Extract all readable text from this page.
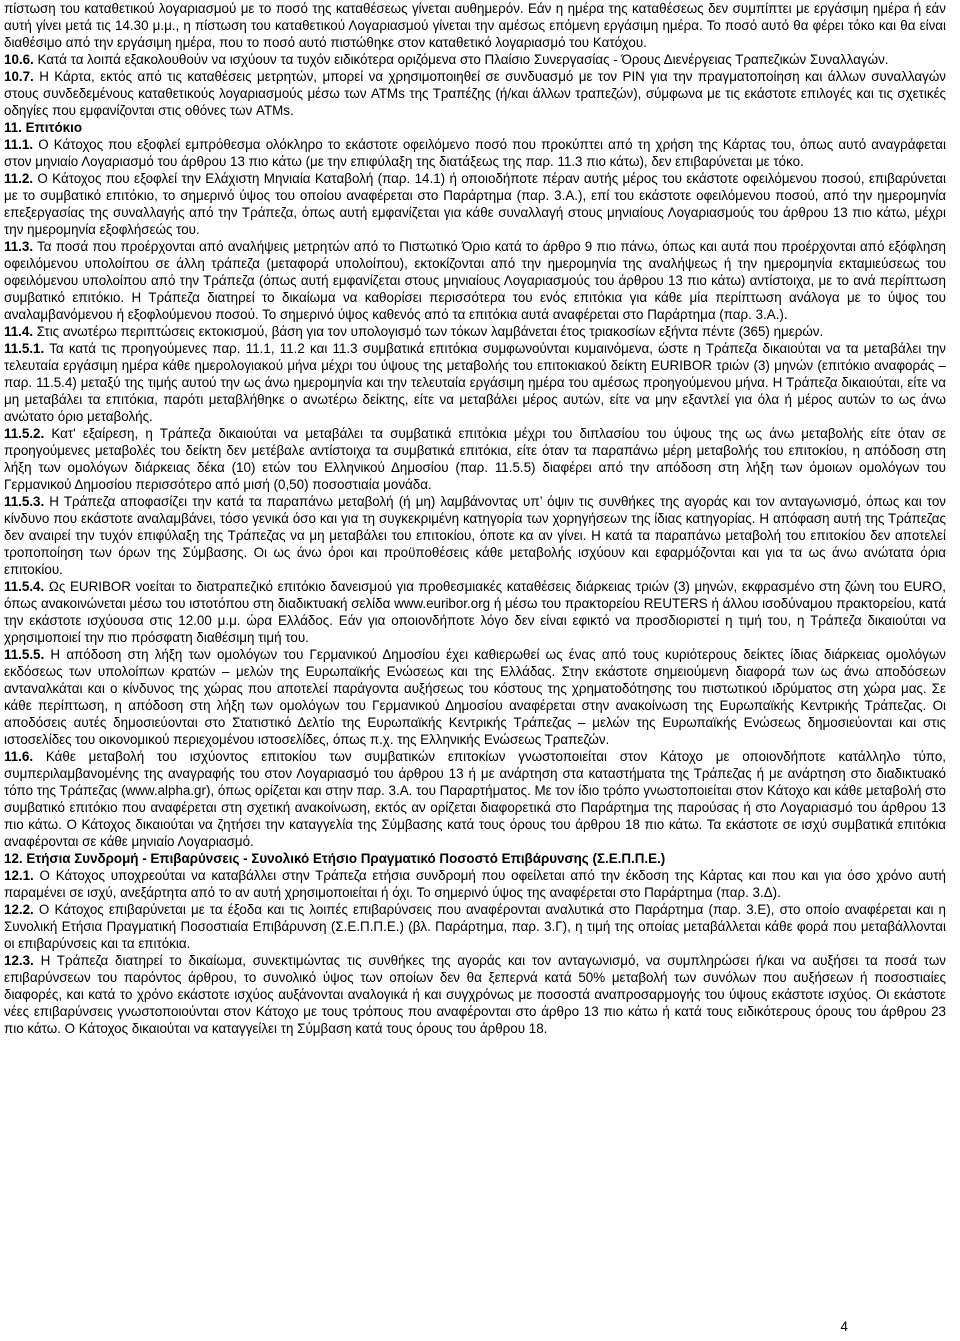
πίστωση του καταθετικού λογαριασμού με το ποσό της καταθέσεως γίνεται αυθημερόν. Εάν η ημέρα της καταθέσεως δεν συμπίπτει με εργάσιμη ημέρα ή εάν αυτή γίνει μετά τις 14.30 μ.μ., η πίστωση του καταθετικού Λογαριασμού γίνεται την αμέσως επόμενη εργάσιμη ημέρα. Το ποσό αυτό θα φέρει τόκο και θα είναι διαθέσιμο από την εργάσιμη ημέρα, που το ποσό αυτό πιστώθηκε στον καταθετικό λογαριασμό του Κατόχου.

10.6. Κατά τα λοιπά εξακολουθούν να ισχύουν τα τυχόν ειδικότερα οριζόμενα στο Πλαίσιο Συνεργασίας - Όρους Διενέργειας Τραπεζικών Συναλλαγών.

10.7. Η Κάρτα, εκτός από τις καταθέσεις μετρητών, μπορεί να χρησιμοποιηθεί σε συνδυασμό με τον PIN για την πραγματοποίηση και άλλων συναλλαγών στους συνδεδεμένους καταθετικούς λογαριασμούς μέσω των ATMs της Τραπέζης (ή/και άλλων τραπεζών), σύμφωνα με τις εκάστοτε επιλογές και τις σχετικές οδηγίες που εμφανίζονται στις οθόνες των ATMs.

11. Επιτόκιο

11.1. Ο Κάτοχος που εξοφλεί εμπρόθεσμα ολόκληρο το εκάστοτε οφειλόμενο ποσό που προκύπτει από τη χρήση της Κάρτας του, όπως αυτό αναγράφεται στον μηνιαίο Λογαριασμό του άρθρου 13 πιο κάτω (με την επιφύλαξη της διατάξεως της παρ. 11.3 πιο κάτω), δεν επιβαρύνεται με τόκο.

11.2. Ο Κάτοχος που εξοφλεί την Ελάχιστη Μηνιαία Καταβολή (παρ. 14.1) ή οποιοδήποτε πέραν αυτής μέρος του εκάστοτε οφειλόμενου ποσού, επιβαρύνεται με το συμβατικό επιτόκιο, το σημερινό ύψος του οποίου αναφέρεται στο Παράρτημα (παρ. 3.Α.), επί του εκάστοτε οφειλόμενου ποσού, από την ημερομηνία επεξεργασίας της συναλλαγής από την Τράπεζα, όπως αυτή εμφανίζεται για κάθε συναλλαγή στους μηνιαίους Λογαριασμούς του άρθρου 13 πιο κάτω, μέχρι την ημερομηνία εξοφλήσεώς του.

11.3. Τα ποσά που προέρχονται από αναλήψεις μετρητών από το Πιστωτικό Όριο κατά το άρθρο 9 πιο πάνω, όπως και αυτά που προέρχονται από εξόφληση οφειλόμενου υπολοίπου σε άλλη τράπεζα (μεταφορά υπολοίπου), εκτοκίζονται από την ημερομηνία της αναλήψεως ή την ημερομηνία εκταμιεύσεως του οφειλόμενου υπολοίπου από την Τράπεζα (όπως αυτή εμφανίζεται στους μηνιαίους Λογαριασμούς του άρθρου 13 πιο κάτω) αντίστοιχα, με το ανά περίπτωση συμβατικό επιτόκιο. Η Τράπεζα διατηρεί το δικαίωμα να καθορίσει περισσότερα του ενός επιτόκια για κάθε μία περίπτωση ανάλογα με το ύψος του αναλαμβανόμενου ή εξοφλούμενου ποσού. Το σημερινό ύψος καθενός από τα επιτόκια αυτά αναφέρεται στο Παράρτημα (παρ. 3.Α.).

11.4. Στις ανωτέρω περιπτώσεις εκτοκισμού, βάση για τον υπολογισμό των τόκων λαμβάνεται έτος τριακοσίων εξήντα πέντε (365) ημερών.

11.5.1. Τα κατά τις προηγούμενες παρ. 11.1, 11.2 και 11.3 συμβατικά επιτόκια συμφωνούνται κυμαινόμενα, ώστε η Τράπεζα δικαιούται να τα μεταβάλει την τελευταία εργάσιμη ημέρα κάθε ημερολογιακού μήνα μέχρι του ύψους της μεταβολής του επιτοκιακού δείκτη EURIBOR τριών (3) μηνών (επιτόκιο αναφοράς – παρ. 11.5.4) μεταξύ της τιμής αυτού την ως άνω ημερομηνία και την τελευταία εργάσιμη ημέρα του αμέσως προηγούμενου μήνα. Η Τράπεζα δικαιούται, είτε να μη μεταβάλει τα επιτόκια, παρότι μεταβλήθηκε ο ανωτέρω δείκτης, είτε να μεταβάλει μέρος αυτών, είτε να μην εξαντλεί για όλα ή μέρος αυτών το ως άνω ανώτατο όριο μεταβολής.

11.5.2. Κατ' εξαίρεση, η Τράπεζα δικαιούται να μεταβάλει τα συμβατικά επιτόκια μέχρι του διπλασίου του ύψους της ως άνω μεταβολής είτε όταν σε προηγούμενες μεταβολές του δείκτη δεν μετέβαλε αντίστοιχα τα συμβατικά επιτόκια, είτε όταν τα παραπάνω μέρη μεταβολής του επιτοκίου, η απόδοση στη λήξη των ομολόγων διάρκειας δέκα (10) ετών του Ελληνικού Δημοσίου (παρ. 11.5.5) διαφέρει από την απόδοση στη λήξη των όμοιων ομολόγων του Γερμανικού Δημοσίου περισσότερο από μισή (0,50) ποσοστιαία μονάδα.

11.5.3. Η Τράπεζα αποφασίζει την κατά τα παραπάνω μεταβολή (ή μη) λαμβάνοντας υπ’ όψιν τις συνθήκες της αγοράς και τον ανταγωνισμό, όπως και τον κίνδυνο που εκάστοτε αναλαμβάνει, τόσο γενικά όσο και για τη συγκεκριμένη κατηγορία των χορηγήσεων της ίδιας κατηγορίας. Η απόφαση αυτή της Τράπεζας δεν αναιρεί την τυχόν επιφύλαξη της Τράπεζας να μη μεταβάλει του επιτοκίου, όποτε κα αν γίνει. Η κατά τα παραπάνω μεταβολή του επιτοκίου δεν αποτελεί τροποποίηση των όρων της Σύμβασης. Οι ως άνω όροι και προϋποθέσεις κάθε μεταβολής ισχύουν και εφαρμόζονται και για τα ως άνω ανώτατα όρια επιτοκίου.

11.5.4. Ως EURIBOR νοείται το διατραπεζικό επιτόκιο δανεισμού για προθεσμιακές καταθέσεις διάρκειας τριών (3) μηνών, εκφρασμένο στη ζώνη του EURO, όπως ανακοινώνεται μέσω του ιστοτόπου στη διαδικτυακή σελίδα www.euribor.org ή μέσω του πρακτορείου REUTERS ή άλλου ισοδύναμου πρακτορείου, κατά την εκάστοτε ισχύουσα στις 12.00 μ.μ. ώρα Ελλάδος. Εάν για οποιονδήποτε λόγο δεν είναι εφικτό να προσδιοριστεί η τιμή του, η Τράπεζα δικαιούται να χρησιμοποιεί την πιο πρόσφατη διαθέσιμη τιμή του.

11.5.5. Η απόδοση στη λήξη των ομολόγων του Γερμανικού Δημοσίου έχει καθιερωθεί ως ένας από τους κυριότερους δείκτες ίδιας διάρκειας ομολόγων εκδόσεως των υπολοίπων κρατών – μελών της Ευρωπαϊκής Ενώσεως και της Ελλάδας. Στην εκάστοτε σημειούμενη διαφορά των ως άνω αποδόσεων ανταναλκάται και ο κίνδυνος της χώρας που αποτελεί παράγοντα αυξήσεως του κόστους της χρηματοδότησης του πιστωτικού ιδρύματος στη χώρα μας. Σε κάθε περίπτωση, η απόδοση στη λήξη των ομολόγων του Γερμανικού Δημοσίου αναφέρεται στην ανακοίνωση της Ευρωπαϊκής Κεντρικής Τράπεζας. Οι αποδόσεις αυτές δημοσιεύονται στο Στατιστικό Δελτίο της Ευρωπαϊκής Κεντρικής Τράπεζας – μελών της Ευρωπαϊκής Ενώσεως δημοσιεύονται και στις ιστοσελίδες του οικονομικού περιεχομένου ιστοσελίδες, όπως π.χ. της Ελληνικής Ενώσεως Τραπεζών.

11.6. Κάθε μεταβολή του ισχύοντος επιτοκίου των συμβατικών επιτοκίων γνωστοποιείται στον Κάτοχο με οποιονδήποτε κατάλληλο τύπο, συμπεριλαμβανομένης της αναγραφής του στον Λογαριασμό του άρθρου 13 ή με ανάρτηση στα καταστήματα της Τράπεζας ή με ανάρτηση στο διαδικτυακό τόπο της Τράπεζας (www.alpha.gr), όπως ορίζεται και στην παρ. 3.Α. του Παραρτήματος. Με τον ίδιο τρόπο γνωστοποιείται στον Κάτοχο και κάθε μεταβολή στο συμβατικό επιτόκιο που αναφέρεται στη σχετική ανακοίνωση, εκτός αν ορίζεται διαφορετικά στο Παράρτημα της παρούσας ή στο Λογαριασμό του άρθρου 13 πιο κάτω. Ο Κάτοχος δικαιούται να ζητήσει την καταγγελία της Σύμβασης κατά τους όρους του άρθρου 18 πιο κάτω. Τα εκάστοτε σε ισχύ συμβατικά επιτόκια αναφέρονται σε κάθε μηνιαίο Λογαριασμό.

12. Ετήσια Συνδρομή - Επιβαρύνσεις - Συνολικό Ετήσιο Πραγματικό Ποσοστό Επιβάρυνσης (Σ.Ε.Π.Π.Ε.)

12.1. Ο Κάτοχος υποχρεούται να καταβάλλει στην Τράπεζα ετήσια συνδρομή που οφείλεται από την έκδοση της Κάρτας και που και για όσο χρόνο αυτή παραμένει σε ισχύ, ανεξάρτητα από το αν αυτή χρησιμοποιείται ή όχι. Το σημερινό ύψος της αναφέρεται στο Παράρτημα (παρ. 3.Δ).

12.2. Ο Κάτοχος επιβαρύνεται με τα έξοδα και τις λοιπές επιβαρύνσεις που αναφέρονται αναλυτικά στο Παράρτημα (παρ. 3.Ε), στο οποίο αναφέρεται και η Συνολική Ετήσια Πραγματική Ποσοστιαία Επιβάρυνση (Σ.Ε.Π.Π.Ε.) (βλ. Παράρτημα, παρ. 3.Γ), η τιμή της οποίας μεταβάλλεται κάθε φορά που μεταβάλλονται οι επιβαρύνσεις και τα επιτόκια.

12.3. Η Τράπεζα διατηρεί το δικαίωμα, συνεκτιμώντας τις συνθήκες της αγοράς και τον ανταγωνισμό, να συμπληρώσει ή/και να αυξήσει τα ποσά των επιβαρύνσεων του παρόντος άρθρου, το συνολικό ύψος των οποίων δεν θα ξεπερνά κατά 50% μεταβολή των συνόλων που αυξήσεων ή ποσοστιαίες διαφορές, και κατά το χρόνο εκάστοτε ισχύος αυξάνονται αναλογικά ή και συγχρόνως με ποσοστά αναπροσαρμογής του ύψους εκάστοτε ισχύος. Οι εκάστοτε νέες επιβαρύνσεις γνωστοποιούνται στον Κάτοχο με τους τρόπους που αναφέρονται στο άρθρο 13 πιο κάτω ή κατά τους ειδικότερους όρους του άρθρου 23 πιο κάτω. Ο Κάτοχος δικαιούται να καταγγείλει τη Σύμβαση κατά τους όρους του άρθρου 18.

4
